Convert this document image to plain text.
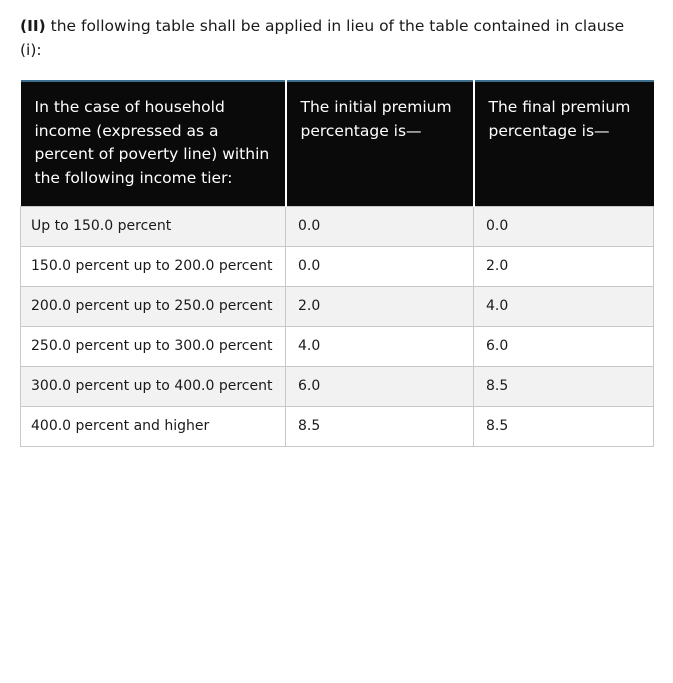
(II) the following table shall be applied in lieu of the table contained in clause (i):

In the case of household income (expressed as a percent of poverty line) within the following income tier:	The initial premium percentage is—	The final premium percentage is—
Up to 150.0 percent	0.0	0.0
150.0 percent up to 200.0 percent	0.0	2.0
200.0 percent up to 250.0 percent	2.0	4.0
250.0 percent up to 300.0 percent	4.0	6.0
300.0 percent up to 400.0 percent	6.0	8.5
400.0 percent and higher	8.5	8.5
